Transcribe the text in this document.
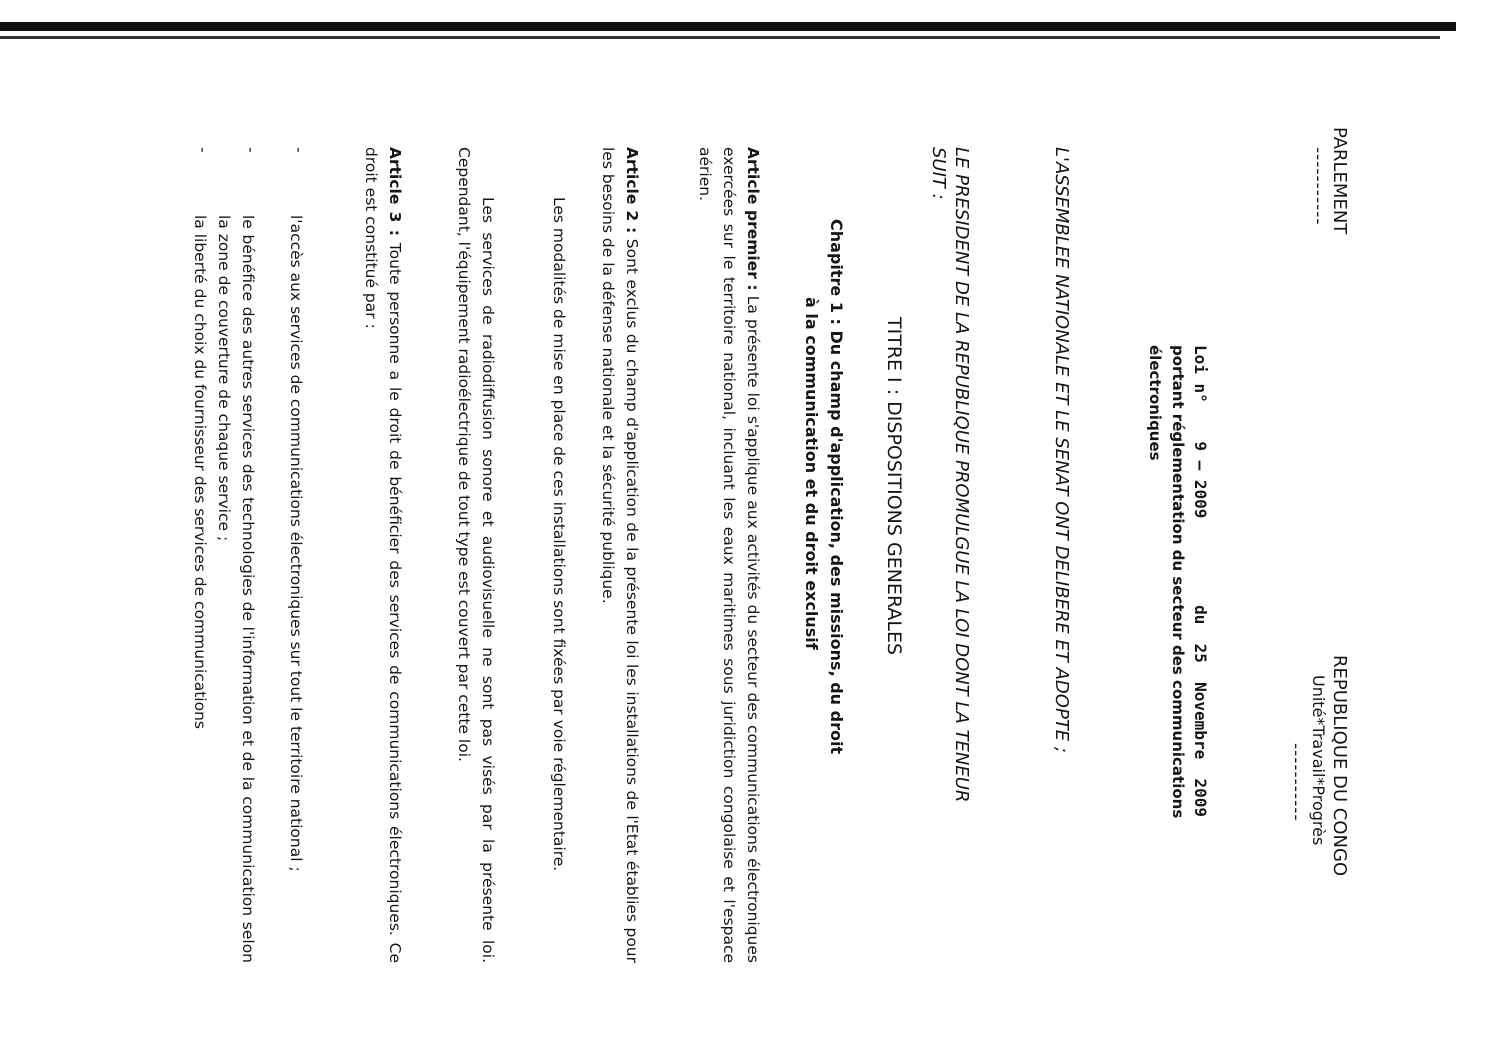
PARLEMENT
-----------
REPUBLIQUE DU CONGO
Unité*Travail*Progrès
-----------
Loi n°    9 – 2009         du  25  Novembre  2009
portant réglementation du secteur des communications
électroniques
L'ASSEMBLEE NATIONALE ET LE SENAT ONT DELIBERE ET ADOPTE ;
LE PRESIDENT DE LA REPUBLIQUE PROMULGUE LA LOI DONT LA TENEUR
SUIT :
TITRE I : DISPOSITIONS GENERALES
Chapitre 1 : Du champ d'application, des missions, du droit
à la communication et du droit exclusif
Article premier : La présente loi s'applique aux activités du secteur des communications électroniques exercées sur le territoire national, incluant les eaux maritimes sous juridiction congolaise et l'espace aérien.
Article 2 : Sont exclus du champ d'application de la présente loi les installations de l'Etat établies pour les besoins de la défense nationale et la sécurité publique.
Les modalités de mise en place de ces installations sont fixées par voie réglementaire.
Les services de radiodiffusion sonore et audiovisuelle ne sont pas visés par la présente loi. Cependant, l'équipement radioélectrique de tout type est couvert par cette loi.
Article 3 : Toute personne a le droit de bénéficier des services de communications électroniques. Ce droit est constitué par :
-
l'accès aux services de communications électroniques sur tout le territoire national ;
-
le bénéfice des autres services des technologies de l'information et de la communication selon la zone de couverture de chaque service ;
-
la liberté du choix du fournisseur des services de communications
